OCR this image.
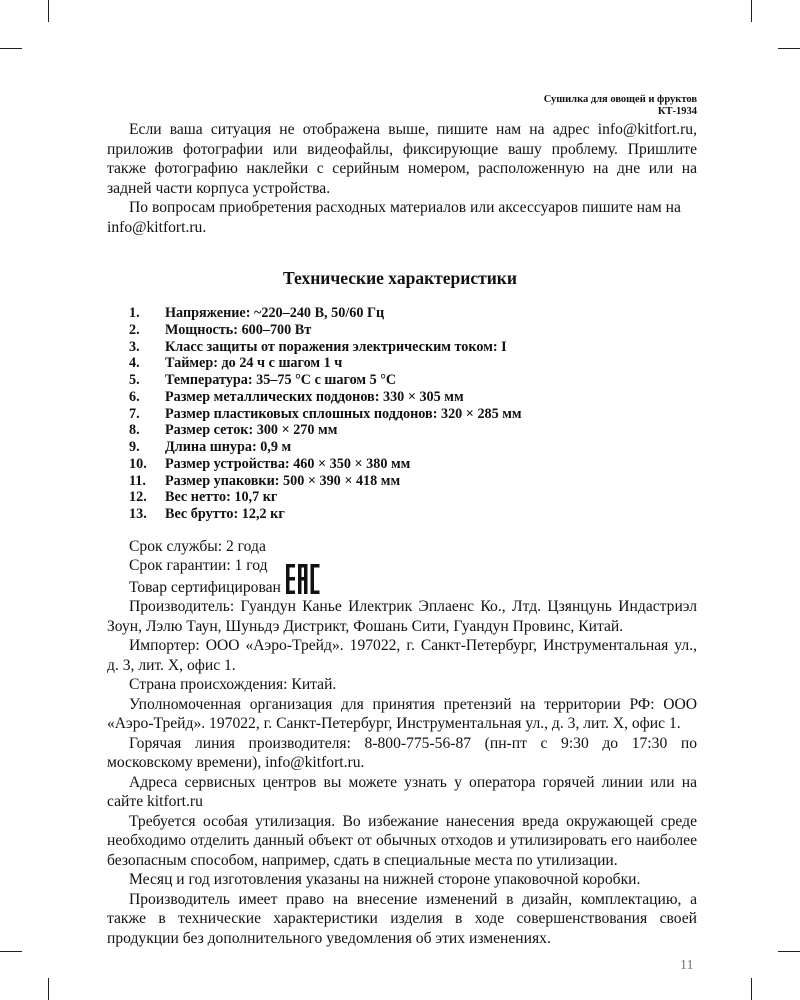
Сушилка для овощей и фруктов
КТ-1934

Если ваша ситуация не отображена выше, пишите нам на адрес info@kitfort.ru, приложив фотографии или видеофайлы, фиксирующие вашу проблему. Пришлите также фотографию наклейки с серийным номером, расположенную на дне или на задней части корпуса устройства.

По вопросам приобретения расходных материалов или аксессуаров пишите нам на info@kitfort.ru.

Технические характеристики
1.	Напряжение: ~220–240 В, 50/60 Гц
2.	Мощность: 600–700 Вт
3.	Класс защиты от поражения электрическим током: I
4.	Таймер: до 24 ч с шагом 1 ч
5.	Температура: 35–75 °С с шагом 5 °С
6.	Размер металлических поддонов: 330 × 305 мм
7.	Размер пластиковых сплошных поддонов: 320 × 285 мм
8.	Размер сеток: 300 × 270 мм
9.	Длина шнура: 0,9 м
10.	Размер устройства: 460 × 350 × 380 мм
11.	Размер упаковки: 500 × 390 × 418 мм
12.	Вес нетто: 10,7 кг
13.	Вес брутто: 12,2 кг

Срок службы: 2 года

Срок гарантии: 1 год

Товар сертифицирован

Производитель: Гуандун Канье Илектрик Эплаенс Ко., Лтд. Цзянцунь Индастриэл Зоун, Лэлю Таун, Шуньдэ Дистрикт, Фошань Сити, Гуандун Провинс, Китай.

Импортер: ООО «Аэро-Трейд». 197022, г. Санкт-Петербург, Инструментальная ул., д. 3, лит. Х, офис 1.

Страна происхождения: Китай.

Уполномоченная организация для принятия претензий на территории РФ: ООО «Аэро-Трейд». 197022, г. Санкт-Петербург, Инструментальная ул., д. 3, лит. Х, офис 1.

Горячая линия производителя: 8-800-775-56-87 (пн-пт с 9:30 до 17:30 по московскому времени), info@kitfort.ru.

Адреса сервисных центров вы можете узнать у оператора горячей линии или на сайте kitfort.ru

Требуется особая утилизация. Во избежание нанесения вреда окружающей среде необходимо отделить данный объект от обычных отходов и утилизировать его наиболее безопасным способом, например, сдать в специальные места по утилизации.

Месяц и год изготовления указаны на нижней стороне упаковочной коробки.

Производитель имеет право на внесение изменений в дизайн, комплектацию, а также в технические характеристики изделия в ходе совершенствования своей продукции без дополнительного уведомления об этих изменениях.

11
